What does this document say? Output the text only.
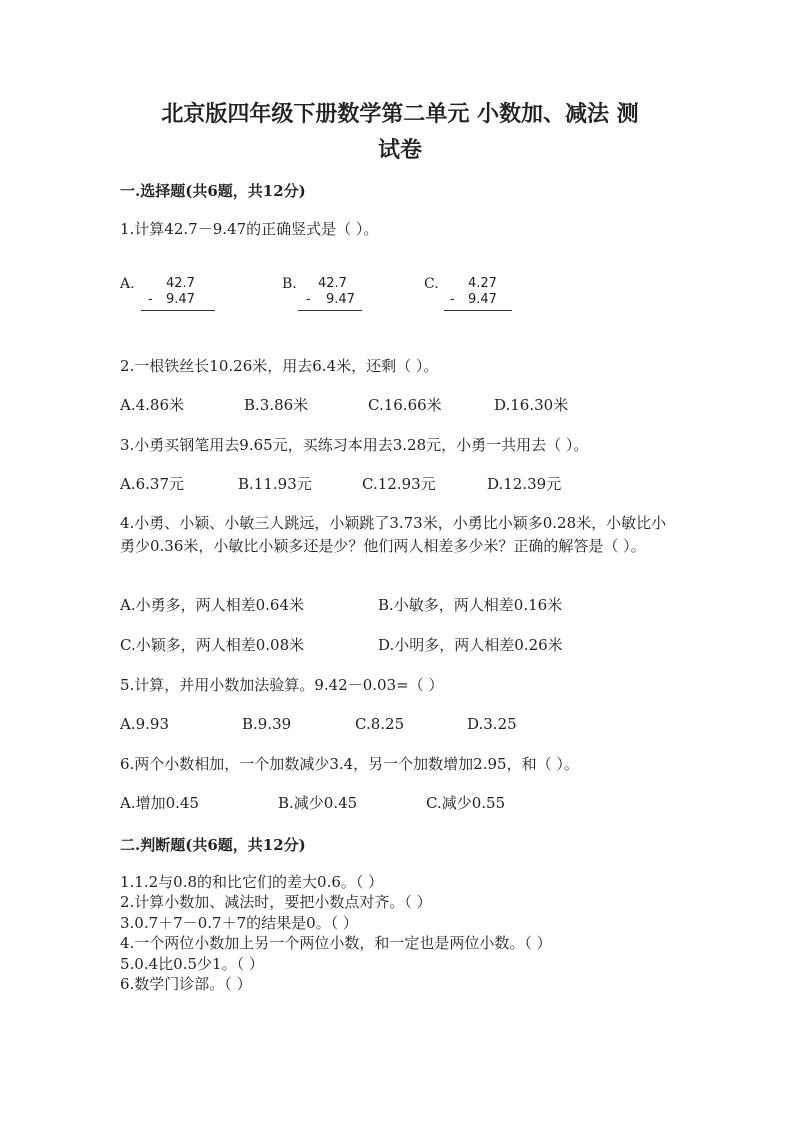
北京版四年级下册数学第二单元 小数加、减法 测
试卷
一.选择题(共6题，共12分)
1.计算42.7－9.47的正确竖式是（ ）。
A. 42.7
- 9.47
B. 42.7
- 9.47
C. 4.27
- 9.47
2.一根铁丝长10.26米，用去6.4米，还剩（ ）。
A.4.86米	B.3.86米	C.16.66米	D.16.30米
3.小勇买钢笔用去9.65元，买练习本用去3.28元，小勇一共用去（ ）。
A.6.37元	B.11.93元	C.12.93元	D.12.39元
4.小勇、小颖、小敏三人跳远，小颖跳了3.73米，小勇比小颖多0.28米，小敏比小勇少0.36米，小敏比小颖多还是少？他们两人相差多少米？正确的解答是（ ）。
A.小勇多，两人相差0.64米	B.小敏多，两人相差0.16米
C.小颖多，两人相差0.08米	D.小明多，两人相差0.26米
5.计算，并用小数加法验算。9.42－0.03=（ ）
A.9.93	B.9.39	C.8.25	D.3.25
6.两个小数相加，一个加数减少3.4，另一个加数增加2.95，和（ ）。
A.增加0.45	B.减少0.45	C.减少0.55
二.判断题(共6题，共12分)
1.1.2与0.8的和比它们的差大0.6。（ ）
2.计算小数加、减法时，要把小数点对齐。（ ）
3.0.7＋7－0.7＋7的结果是0。（ ）
4.一个两位小数加上另一个两位小数，和一定也是两位小数。（ ）
5.0.4比0.5少1。（ ）
6.数学门诊部。（ ）
